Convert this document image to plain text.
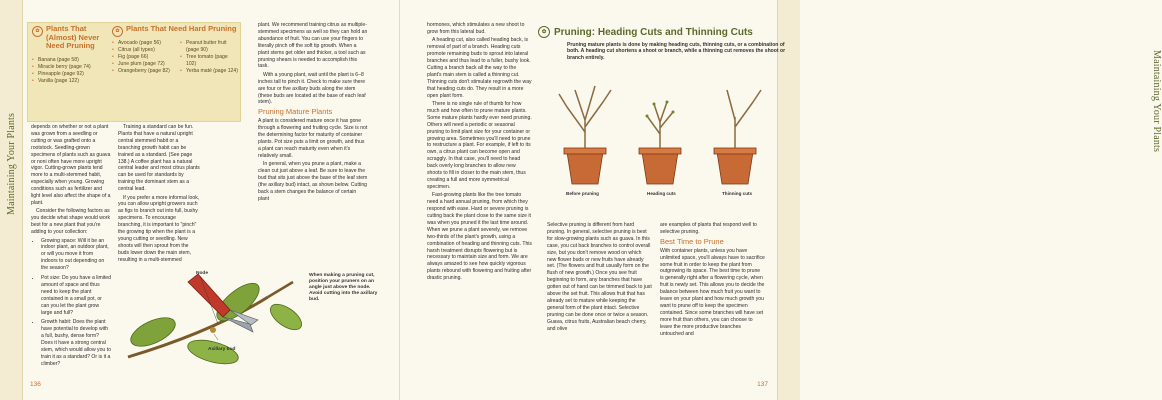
Maintaining Your Plants
✿ Plants That (Almost) Never Need Pruning
• Banana (page 58)
• Miracle berry (page 74)
• Pineapple (page 92)
• Vanilla (page 122)
✿ Plants That Need Hard Pruning
• Avocado (page 56)
• Citrus (all types)
• Fig (page 66)
• June plum (page 72)
• Orangeberry (page 82)
• Peanut butter fruit (page 90)
• Tree tomato (page 102)
• Yerba maté (page 124)

depends on whether or not a plant was grown from a seedling or cutting or was grafted onto a rootstock. Seedling-grown specimens of plants such as guava or noni often have more upright vigor. Cutting-grown plants tend more to a multi-stemmed habit, especially when young. Growing conditions such as fertilizer and light level also affect the shape of a plant.

Consider the following factors as you decide what shape would work best for a new plant that you're adding to your collection:

• Growing space: Will it be an indoor plant, an outdoor plant, or will you move it from indoors to out depending on the season?
• Pot size: Do you have a limited amount of space and thus need to keep the plant contained in a small pot, or can you let the plant grow large and full?
• Growth habit: Does the plant have potential to develop with a full, bushy, dense form? Does it have a strong central stem, which would allow you to train it as a standard? Or is it a climber?

Training a standard can be fun. Plants that have a natural upright central stemmed habit or a branching growth habit can be trained as a standard. (See page 138.) A coffee plant has a natural central leader and most citrus plants can be used for standards by training the dominant stem as a central lead.

If you prefer a more informal look, you can allow upright growers such as figs to branch out into full, bushy specimens. To encourage branching, it is important to "pinch" the growing tip when the plant is a young cutting or seedling. New shoots will then sprout from the buds lower down the main stem, resulting in a multi-stemmed

plant. We recommend training citrus as multiple-stemmed specimens as well so they can hold an abundance of fruit. You can use your fingers to literally pinch off the soft tip growth. When a plant stems get older and thicker, a tool such as pruning shears is needed to accomplish this task.

With a young plant, wait until the plant is 6–8 inches tall to pinch it. Check to make sure there are four or five axillary buds along the stem (these buds are located at the base of each leaf stem).

Pruning Mature Plants

A plant is considered mature once it has gone through a flowering and fruiting cycle. Size is not the determining factor for maturity of container plants. Pot size puts a limit on growth, and thus a plant can reach maturity even when it's relatively small.

In general, when you prune a plant, make a clean cut just above a leaf. Be sure to leave the bud that sits just above the base of the leaf stem (the axillary bud) intact, as shown below. Cutting back a stem changes the balance of certain plant

Node
Axillary bud
When making a pruning cut, position your pruners on an angle just above the node. Avoid cutting into the axillary bud.
136
Maintaining Your Plants

hormones, which stimulates a new shoot to grow from this lateral bud.

A heading cut, also called heading back, is removal of part of a branch. Heading cuts promote remaining buds to sprout into lateral branches and thus lead to a fuller, bushy look. Cutting a branch back all the way to the plant's main stem is called a thinning cut. Thinning cuts don't stimulate regrowth the way that heading cuts do. They result in a more open plant form.

There is no single rule of thumb for how much and how often to prune mature plants. Some mature plants hardly ever need pruning. Others will need a periodic or seasonal pruning to limit plant size for your container or growing area. Sometimes you'll need to prune to restructure a plant. For example, if left to its own, a citrus plant can become open and scraggly. In that case, you'll need to head back overly long branches to allow new shoots to fill in closer to the main stem, thus creating a full and more symmetrical specimen.

Fast-growing plants like the tree tomato need a hard annual pruning, from which they respond with ease. Hard or severe pruning is cutting back the plant close to the same size it was when you pruned it the last time around. When we prune a plant severely, we remove two-thirds of the plant's growth, using a combination of heading and thinning cuts. This harsh treatment disrupts flowering but is necessary to maintain size and form. We are always amazed to see how quickly vigorous plants rebound with flowering and fruiting after drastic pruning.

Selective pruning is different from hard pruning. In general, selective pruning is best for slow-growing plants such as guava. In this case, you cut back branches to control overall size, but you don't remove wood on which new flower buds or new fruits have already set. (The flowers and fruit usually form on the flush of new growth.) Once you see fruit beginning to form, any branches that have gotten out of hand can be trimmed back to just above the set fruit. This allows fruit that has already set to mature while keeping the general form of the plant intact. Selective pruning can be done once or twice a season. Guava, citrus fruits, Australian beach cherry, and olive

are examples of plants that respond well to selective pruning.

Best Time to Prune

With container plants, unless you have unlimited space, you'll always have to sacrifice some fruit in order to keep the plant from outgrowing its space. The best time to prune is generally right after a flowering cycle, when fruit is newly set. This allows you to decide the balance between how much fruit you want to leave on your plant and how much growth you want to prune off to keep the specimen contained. Since some branches will have set more fruit than others, you can choose to leave the more productive branches untouched and

Before pruning	Heading cuts	Thinning cuts
137
✿ Pruning: Heading Cuts and Thinning Cuts
Pruning mature plants is done by making heading cuts, thinning cuts, or a combination of both. A heading cut shortens a shoot or branch, while a thinning cut removes the shoot or branch entirely.
